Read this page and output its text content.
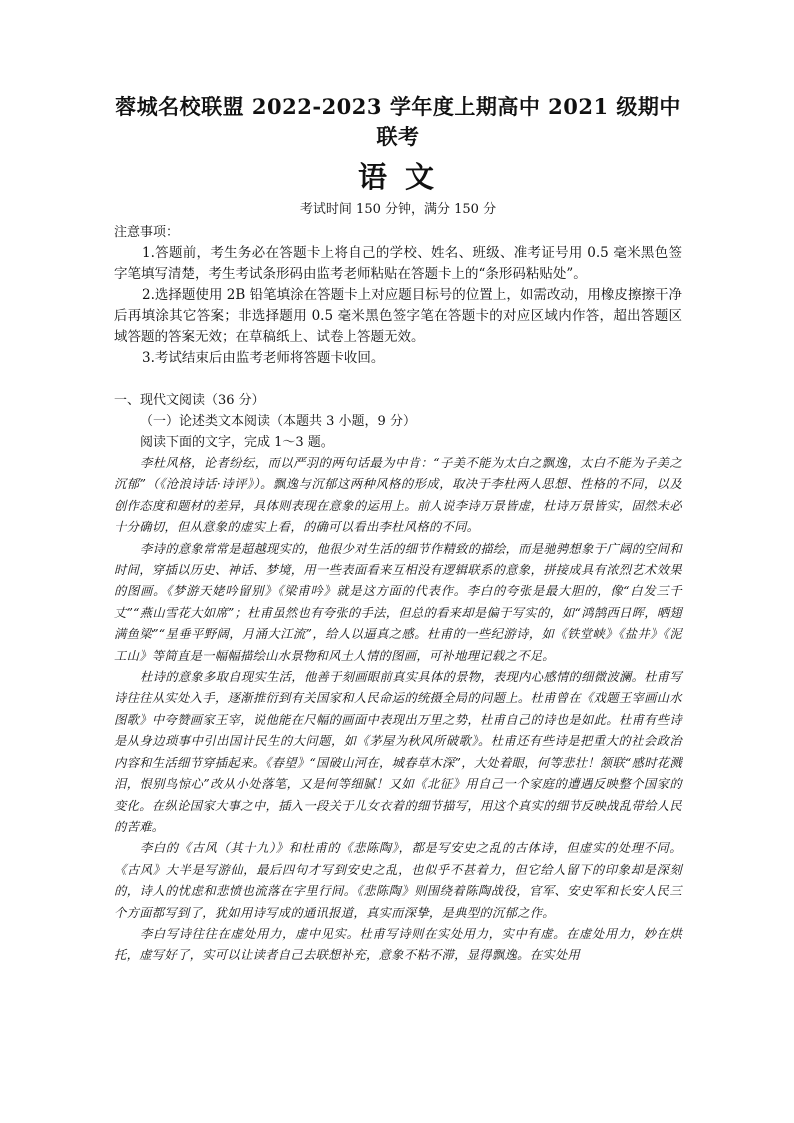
蓉城名校联盟 2022-2023 学年度上期高中 2021 级期中联考
语文

考试时间 150 分钟，满分 150 分

注意事项：

1.答题前，考生务必在答题卡上将自己的学校、姓名、班级、准考证号用 0.5 毫米黑色签字笔填写清楚，考生考试条形码由监考老师粘贴在答题卡上的“条形码粘贴处”。

2.选择题使用 2B 铅笔填涂在答题卡上对应题目标号的位置上，如需改动，用橡皮擦擦干净后再填涂其它答案；非选择题用 0.5 毫米黑色签字笔在答题卡的对应区域内作答，超出答题区域答题的答案无效；在草稿纸上、试卷上答题无效。

3.考试结束后由监考老师将答题卡收回。

一、现代文阅读（36 分）

（一）论述类文本阅读（本题共 3 小题，9 分）

阅读下面的文字，完成 1～3 题。

李杜风格，论者纷纭，而以严羽的两句话最为中肯：“子美不能为太白之飘逸，太白不能为子美之沉郁”（《沧浪诗话·诗评》）。飘逸与沉郁这两种风格的形成，取决于李杜两人思想、性格的不同，以及创作态度和题材的差异，具体则表现在意象的运用上。前人说李诗万景皆虚，杜诗万景皆实，固然未必十分确切，但从意象的虚实上看，的确可以看出李杜风格的不同。

李诗的意象常常是超越现实的，他很少对生活的细节作精致的描绘，而是驰骋想象于广阔的空间和时间，穿插以历史、神话、梦境，用一些表面看来互相没有逻辑联系的意象，拼接成具有浓烈艺术效果的图画。《梦游天姥吟留别》《梁甫吟》就是这方面的代表作。李白的夸张是最大胆的，像“白发三千丈”“燕山雪花大如席”；杜甫虽然也有夸张的手法，但总的看来却是偏于写实的，如“鸿鹄西日晖，晒翅满鱼梁”“星垂平野阔，月涌大江流”，给人以逼真之感。杜甫的一些纪游诗，如《铁堂峡》《盐井》《泥工山》等简直是一幅幅描绘山水景物和风土人情的图画，可补地理记载之不足。

杜诗的意象多取自现实生活，他善于刻画眼前真实具体的景物，表现内心感情的细微波澜。杜甫写诗往往从实处入手，逐渐推衍到有关国家和人民命运的统摄全局的问题上。杜甫曾在《戏题王宰画山水图歌》中夸赞画家王宰，说他能在尺幅的画面中表现出万里之势，杜甫自己的诗也是如此。杜甫有些诗是从身边琐事中引出国计民生的大问题，如《茅屋为秋风所破歌》。杜甫还有些诗是把重大的社会政治内容和生活细节穿插起来。《春望》“国破山河在，城春草木深”，大处着眼，何等悲壮！颔联“感时花溅泪，恨别鸟惊心”改从小处落笔，又是何等细腻！又如《北征》用自己一个家庭的遭遇反映整个国家的变化。在纵论国家大事之中，插入一段关于儿女衣着的细节描写，用这个真实的细节反映战乱带给人民的苦难。

李白的《古风（其十九）》和杜甫的《悲陈陶》，都是写安史之乱的古体诗，但虚实的处理不同。《古风》大半是写游仙，最后四句才写到安史之乱，也似乎不甚着力，但它给人留下的印象却是深刻的，诗人的忧虑和悲愤也流落在字里行间。《悲陈陶》则围绕着陈陶战役，官军、安史军和长安人民三个方面都写到了，犹如用诗写成的通讯报道，真实而深挚，是典型的沉郁之作。

李白写诗往往在虚处用力，虚中见实。杜甫写诗则在实处用力，实中有虚。在虚处用力，妙在烘托，虚写好了，实可以让读者自己去联想补充，意象不粘不滞，显得飘逸。在实处用
